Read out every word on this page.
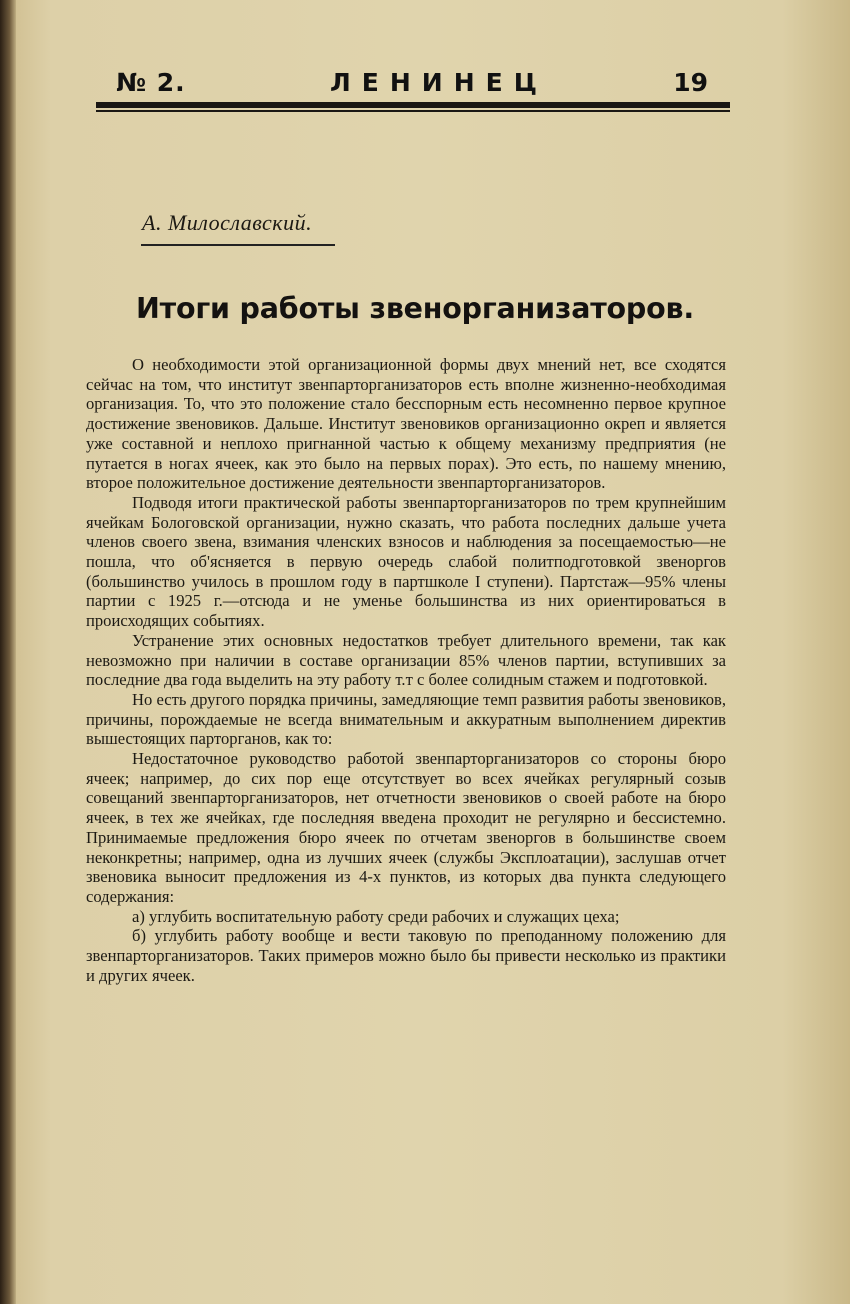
№ 2.	ЛЕНИНЕЦ	19
А. Милославский.
Итоги работы звенорганизаторов.

О необходимости этой организационной формы двух мнений нет, все сходятся сейчас на том, что институт звенпарторганизаторов есть вполне жизненно-необходимая организация. То, что это положение стало бесспорным есть несомненно первое крупное достижение звеновиков. Дальше. Институт звеновиков организационно окреп и является уже составной и неплохо пригнанной частью к общему механизму предприятия (не путается в ногах ячеек, как это было на первых порах). Это есть, по нашему мнению, второе положительное достижение деятельности звенпарторганизаторов.

Подводя итоги практической работы звенпарторганизаторов по трем крупнейшим ячейкам Бологовской организации, нужно сказать, что работа последних дальше учета членов своего звена, взимания членских взносов и наблюдения за посещаемостью—не пошла, что об'ясняется в первую очередь слабой политподготовкой звеноргов (большинство училось в прошлом году в партшколе I ступени). Партстаж—95% члены партии с 1925 г.—отсюда и не уменье большинства из них ориентироваться в происходящих событиях.

Устранение этих основных недостатков требует длительного времени, так как невозможно при наличии в составе организации 85% членов партии, вступивших за последние два года выделить на эту работу т.т с более солидным стажем и подготовкой.

Но есть другого порядка причины, замедляющие темп развития работы звеновиков, причины, порождаемые не всегда внимательным и аккуратным выполнением директив вышестоящих парторганов, как то:

Недостаточное руководство работой звенпарторганизаторов со стороны бюро ячеек; например, до сих пор еще отсутствует во всех ячейках регулярный созыв совещаний звенпарторганизаторов, нет отчетности звеновиков о своей работе на бюро ячеек, в тех же ячейках, где последняя введена проходит не регулярно и бессистемно. Принимаемые предложения бюро ячеек по отчетам звенoргов в большинстве своем неконкретны; например, одна из лучших ячеек (службы Эксплоатации), заслушав отчет звеновика выносит предложения из 4-х пунктов, из которых два пункта следующего содержания:

а) углубить воспитательную работу среди рабочих и служащих цеха;

б) углубить работу вообще и вести таковую по преподанному положению для звенпарторганизаторов. Таких примеров можно было бы привести несколько из практики и других ячеек.
